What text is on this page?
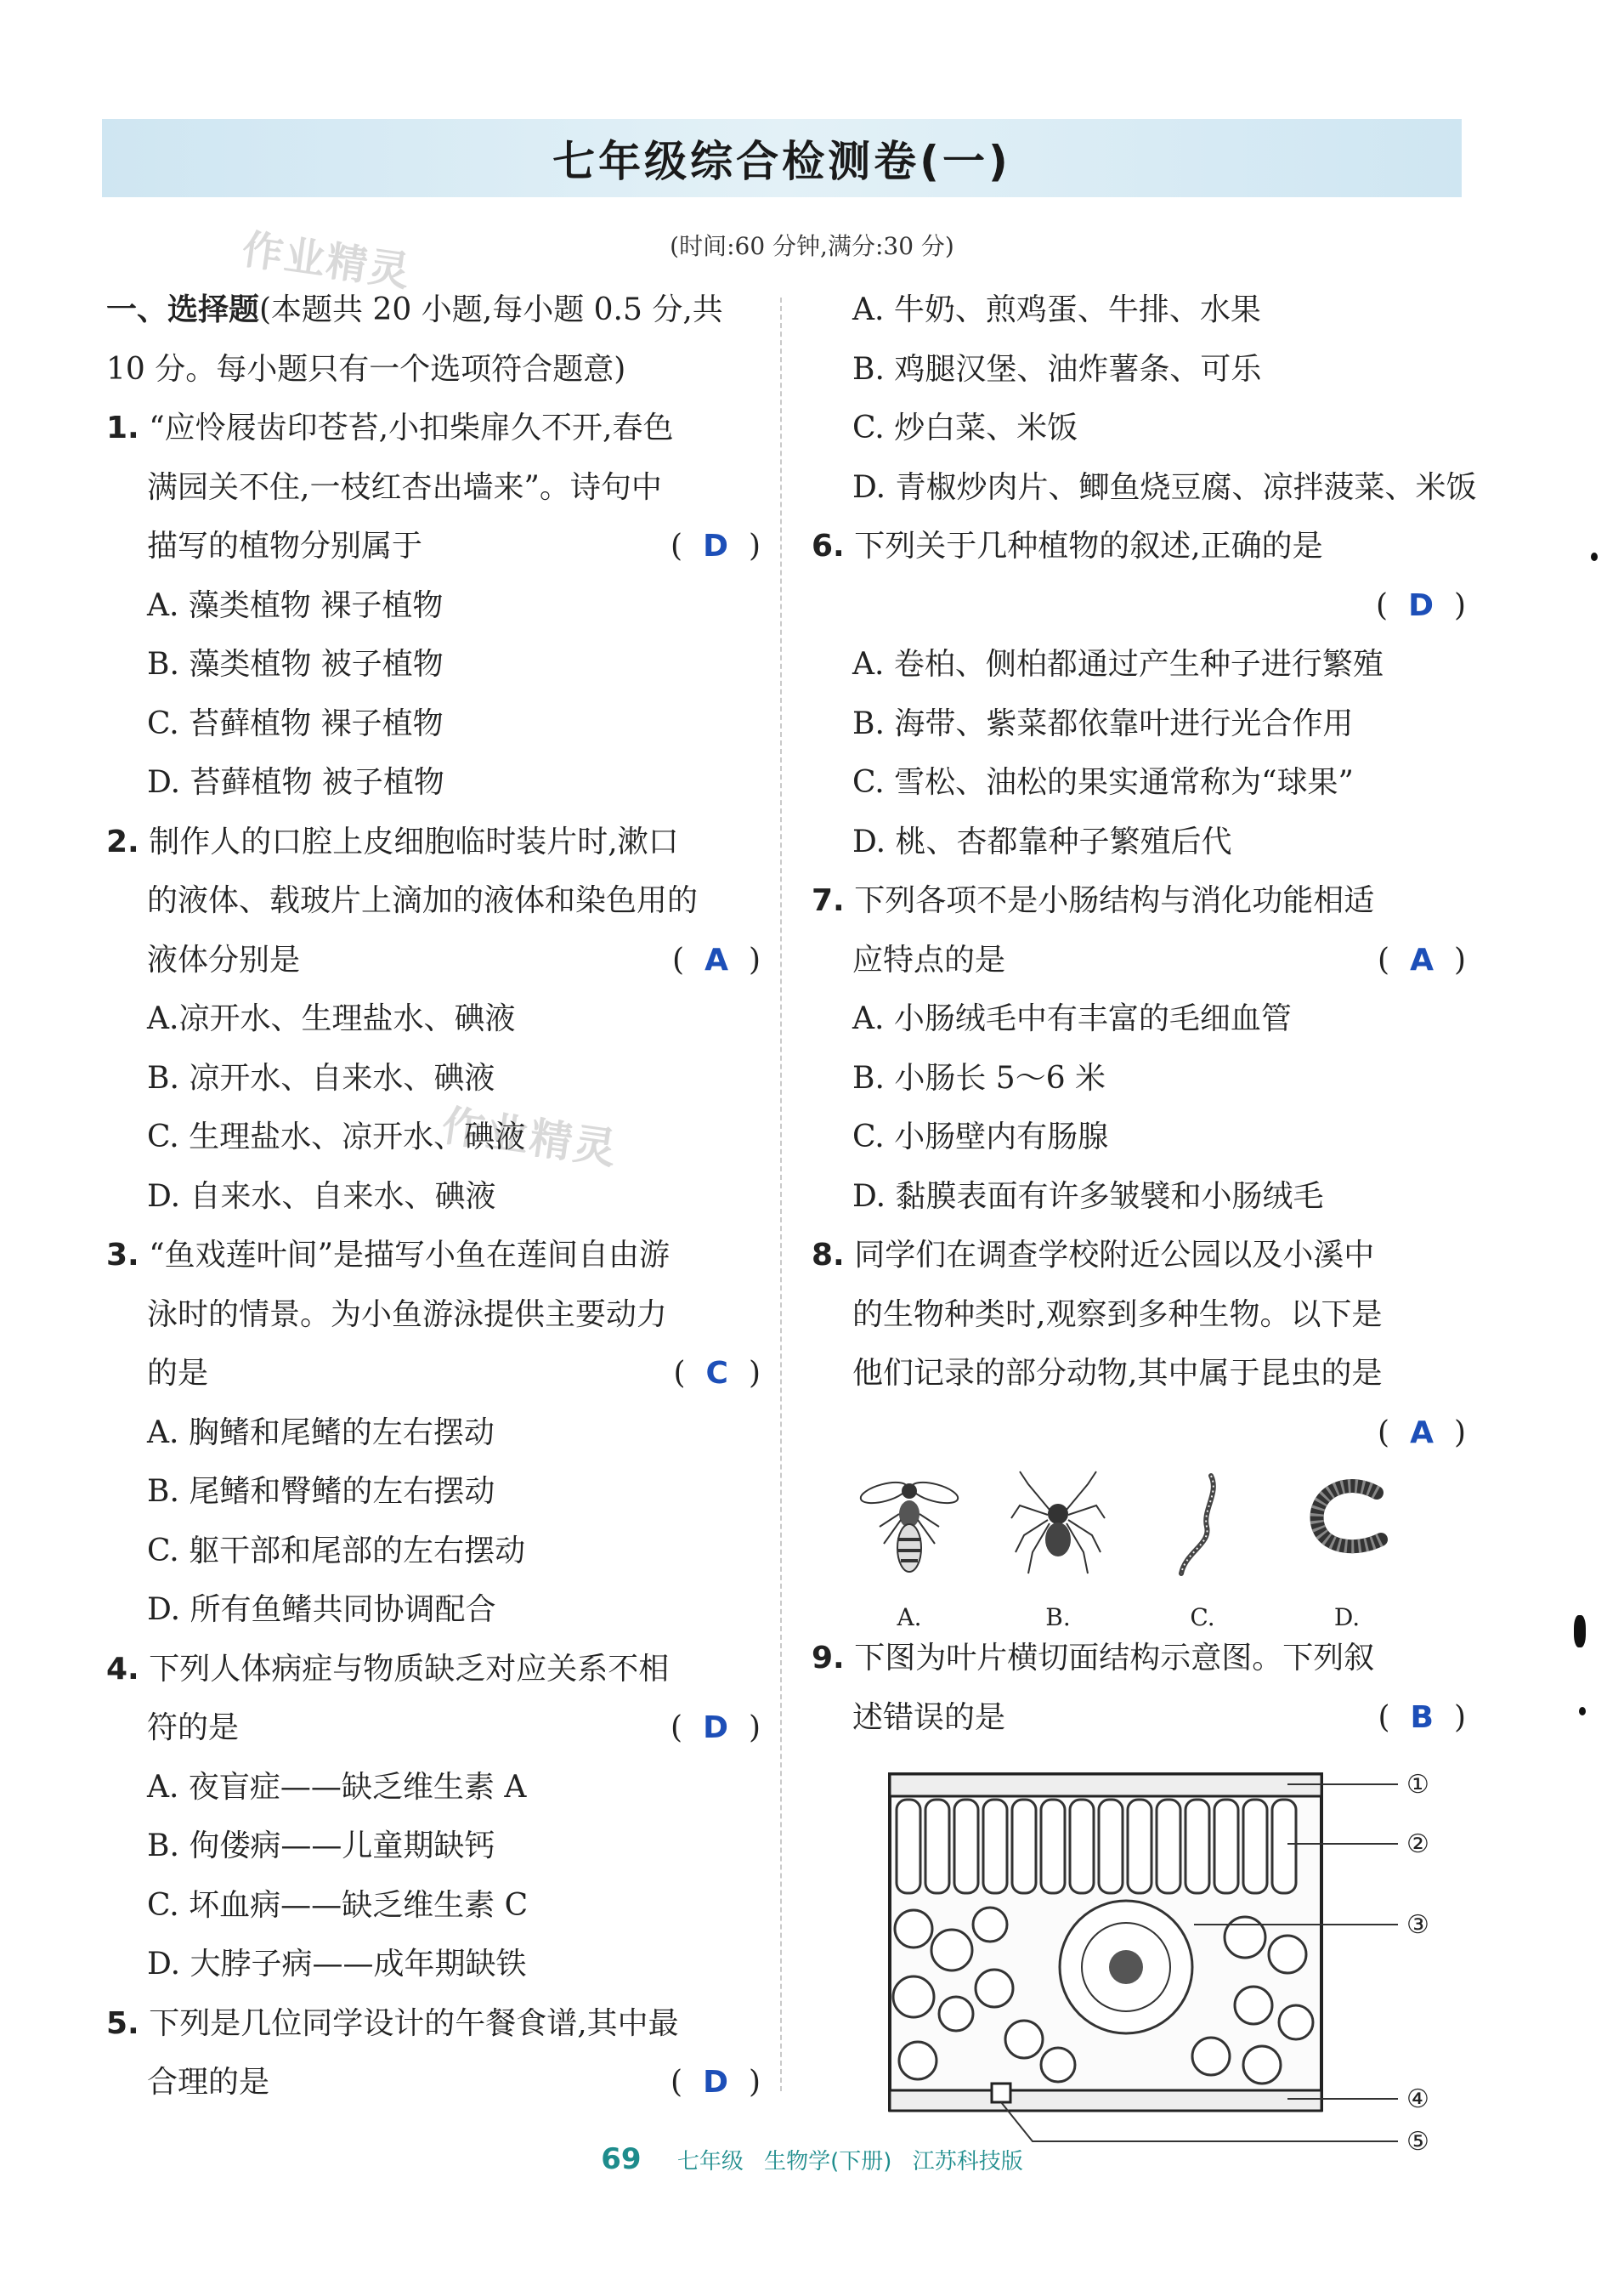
七年级综合检测卷(一)
(时间:60 分钟,满分:30 分)
作业精灵
作业精灵
一、选择题(本题共 20 小题,每小题 0.5 分,共
10 分。每小题只有一个选项符合题意)
1. “应怜屐齿印苍苔,小扣柴扉久不开,春色
满园关不住,一枝红杏出墙来”。诗句中
描写的植物分别属于	( D )
A. 藻类植物 裸子植物
B. 藻类植物 被子植物
C. 苔藓植物 裸子植物
D. 苔藓植物 被子植物
2. 制作人的口腔上皮细胞临时装片时,漱口
的液体、载玻片上滴加的液体和染色用的
液体分别是	( A )
A.凉开水、生理盐水、碘液
B. 凉开水、自来水、碘液
C. 生理盐水、凉开水、碘液
D. 自来水、自来水、碘液
3. “鱼戏莲叶间”是描写小鱼在莲间自由游
泳时的情景。为小鱼游泳提供主要动力
的是	( C )
A. 胸鳍和尾鳍的左右摆动
B. 尾鳍和臀鳍的左右摆动
C. 躯干部和尾部的左右摆动
D. 所有鱼鳍共同协调配合
4. 下列人体病症与物质缺乏对应关系不相
符的是	( D )
A. 夜盲症——缺乏维生素 A
B. 佝偻病——儿童期缺钙
C. 坏血病——缺乏维生素 C
D. 大脖子病——成年期缺铁
5. 下列是几位同学设计的午餐食谱,其中最
合理的是	( D )
A. 牛奶、煎鸡蛋、牛排、水果
B. 鸡腿汉堡、油炸薯条、可乐
C. 炒白菜、米饭
D. 青椒炒肉片、鲫鱼烧豆腐、凉拌菠菜、米饭
6. 下列关于几种植物的叙述,正确的是

( D )
A. 卷柏、侧柏都通过产生种子进行繁殖
B. 海带、紫菜都依靠叶进行光合作用
C. 雪松、油松的果实通常称为“球果”
D. 桃、杏都靠种子繁殖后代
7. 下列各项不是小肠结构与消化功能相适
应特点的是	( A )
A. 小肠绒毛中有丰富的毛细血管
B. 小肠长 5～6 米
C. 小肠壁内有肠腺
D. 黏膜表面有许多皱襞和小肠绒毛
8. 同学们在调查学校附近公园以及小溪中
的生物种类时,观察到多种生物。以下是
他们记录的部分动物,其中属于昆虫的是

( A )
A.	B.	C.	D.
9. 下图为叶片横切面结构示意图。下列叙
述错误的是	( B )
①
②
③
④
⑤
69 七年级 生物学(下册) 江苏科技版
